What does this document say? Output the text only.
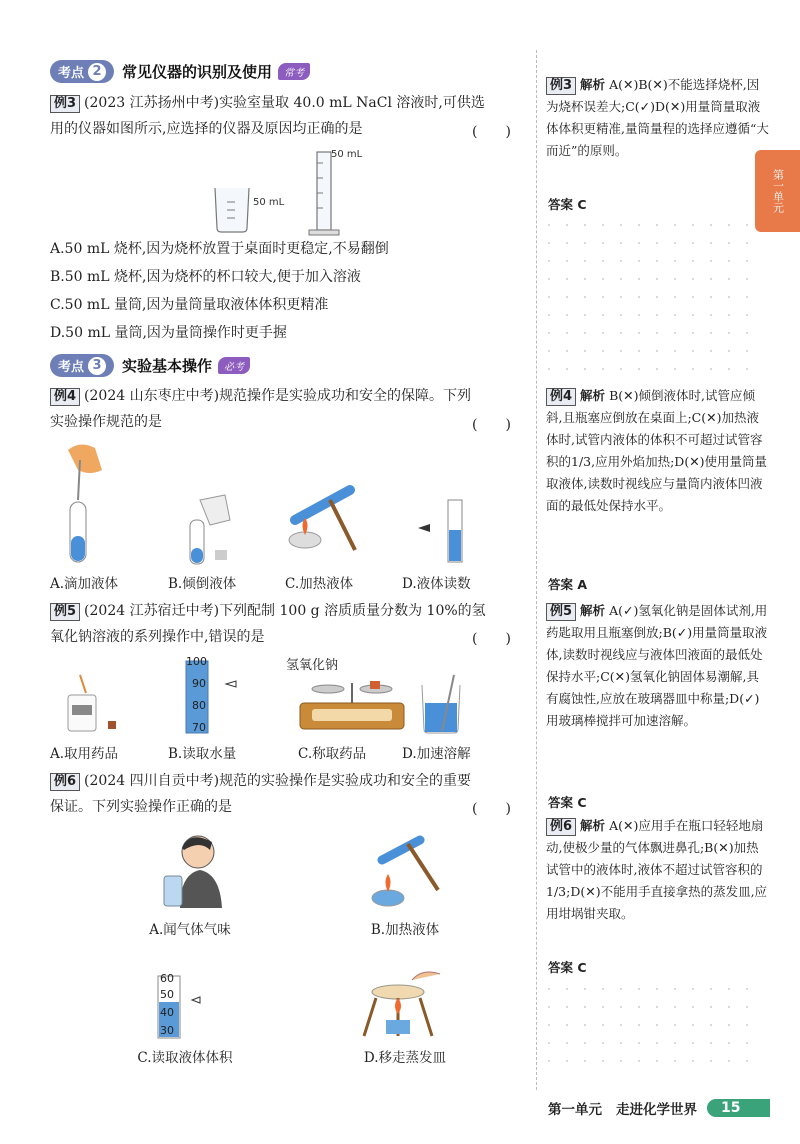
考点 2 常见仪器的识别及使用	常考
例3 (2023 江苏扬州中考)实验室量取 40.0 mL NaCl 溶液时,可供选
用的仪器如图所示,应选择的仪器及原因均正确的是	(　　)
50 mL
50 mL
A.50 mL 烧杯,因为烧杯放置于桌面时更稳定,不易翻倒
B.50 mL 烧杯,因为烧杯的杯口较大,便于加入溶液
C.50 mL 量筒,因为量筒量取液体体积更精准
D.50 mL 量筒,因为量筒操作时更手握
考点 3 实验基本操作	必考
例4 (2024 山东枣庄中考)规范操作是实验成功和安全的保障。下列
实验操作规范的是	(　　)
A.滴加液体	B.倾倒液体	C.加热液体	D.液体读数
例5 (2024 江苏宿迁中考)下列配制 100 g 溶质质量分数为 10%的氢
氧化钠溶液的系列操作中,错误的是	(　　)
100
90
80
70
氢氧化钠
A.取用药品	B.读取水量	C.称取药品	D.加速溶解
例6 (2024 四川自贡中考)规范的实验操作是实验成功和安全的重要
保证。下列实验操作正确的是	(　　)
A.闻气体气味	B.加热液体
60
50
40
30
C.读取液体体积	D.移走蒸发皿
例3 解析 A(✕)B(✕)不能选择烧杯,因为烧杯误差大;C(✓)D(✕)用量筒量取液体体积更精准,量筒量程的选择应遵循“大而近”的原则。
答案 C
例4 解析 B(✕)倾倒液体时,试管应倾斜,且瓶塞应倒放在桌面上;C(✕)加热液体时,试管内液体的体积不可超过试管容积的1/3,应用外焰加热;D(✕)使用量筒量取液体,读数时视线应与量筒内液体凹液面的最低处保持水平。
答案 A
例5 解析 A(✓)氢氧化钠是固体试剂,用药匙取用且瓶塞倒放;B(✓)用量筒量取液体,读数时视线应与液体凹液面的最低处保持水平;C(✕)氢氧化钠固体易潮解,具有腐蚀性,应放在玻璃器皿中称量;D(✓)用玻璃棒搅拌可加速溶解。
答案 C
例6 解析 A(✕)应用手在瓶口轻轻地扇动,使极少量的气体飘进鼻孔;B(✕)加热试管中的液体时,液体不超过试管容积的1/3;D(✕)不能用手直接拿热的蒸发皿,应用坩埚钳夹取。
答案 C
第一单元
第一单元 走进化学世界	15
